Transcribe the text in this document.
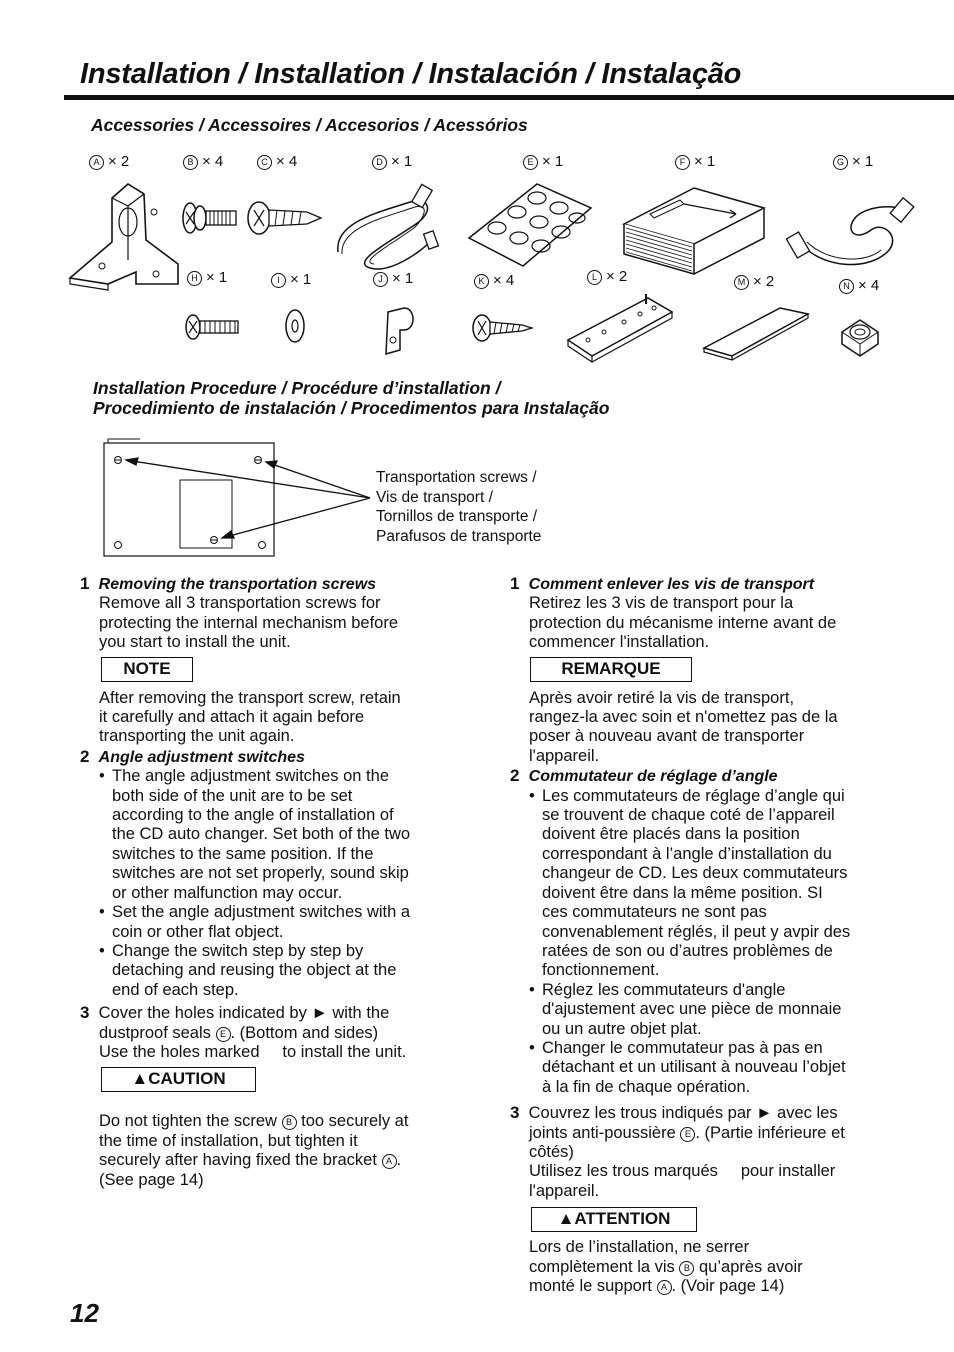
Installation / Installation / Instalación / Instalação
Accessories / Accessoires / Accesorios / Acessórios
A × 2	B × 4	C × 4	D × 1	E × 1	F × 1	G × 1
H × 1	I × 1	J × 1	K × 4	L × 2	M × 2	N × 4
Installation Procedure / Procédure d’installation /
Procedimiento de instalación / Procedimentos para Instalação
Transportation screws /
Vis de transport /
Tornillos de transporte /
Parafusos de transporte
1 Removing the transportation screws
Remove all 3 transportation screws for
protecting the internal mechanism before
you start to install the unit.
NOTE
After removing the transport screw, retain
it carefully and attach it again before
transporting the unit again.
2 Angle adjustment switches
• The angle adjustment switches on the
both side of the unit are to be set
according to the angle of installation of
the CD auto changer. Set both of the two
switches to the same position. If the
switches are not set properly, sound skip
or other malfunction may occur.
• Set the angle adjustment switches with a
coin or other flat object.
• Change the switch step by step by
detaching and reusing the object at the
end of each step.
3 Cover the holes indicated by ► with the
dustproof seals E . (Bottom and sides)
Use the holes marked to install the unit.
▲CAUTION
Do not tighten the screw B too securely at
the time of installation, but tighten it
securely after having fixed the bracket A .
(See page 14)
1 Comment enlever les vis de transport
Retirez les 3 vis de transport pour la
protection du mécanisme interne avant de
commencer l'installation.
REMARQUE
Après avoir retiré la vis de transport,
rangez-la avec soin et n'omettez pas de la
poser à nouveau avant de transporter
l'appareil.
2 Commutateur de réglage d’angle
• Les commutateurs de réglage d’angle qui
se trouvent de chaque coté de l’appareil
doivent être placés dans la position
correspondant à l’angle d’installation du
changeur de CD. Les deux commutateurs
doivent être dans la même position. SI
ces commutateurs ne sont pas
convenablement réglés, il peut y avpir des
ratées de son ou d’autres problèmes de
fonctionnement.
• Réglez les commutateurs d'angle
d'ajustement avec une pièce de monnaie
ou un autre objet plat.
• Changer le commutateur pas à pas en
détachant et un utilisant à nouveau l’objet
à la fin de chaque opération.
3 Couvrez les trous indiqués par ► avec les
joints anti-poussière E . (Partie inférieure et
côtés)
Utilisez les trous marqués pour installer
l'appareil.
▲ATTENTION
Lors de l’installation, ne serrer
complètement la vis B qu’après avoir
monté le support A . (Voir page 14)
12
